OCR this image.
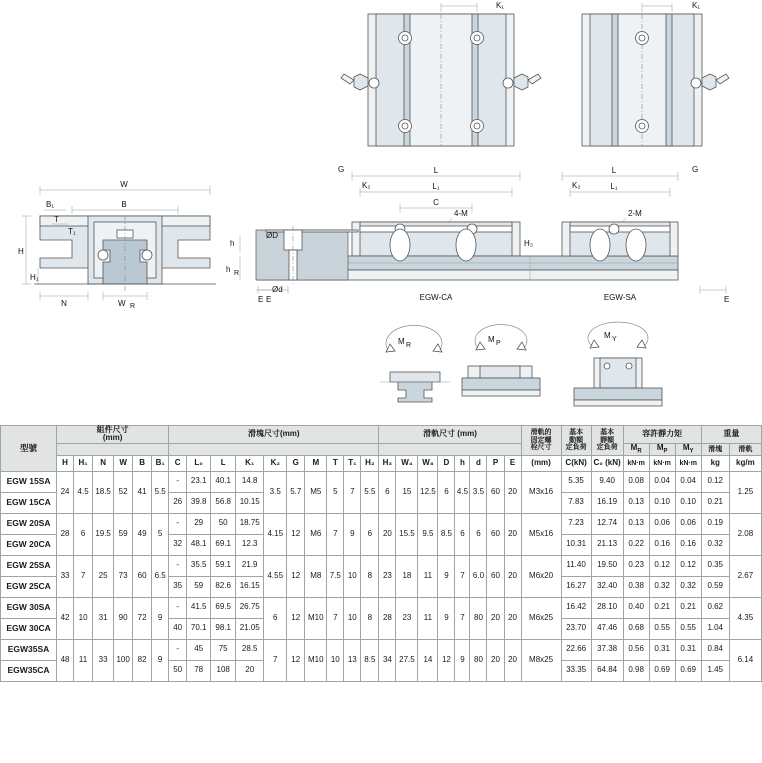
K₁	K₁
W
B
B₁
T
T₁
H
H₁
N	W R
L
L₁
C
G
K₂
4-M
H₃
EGW-CA
E
ØD
Ød
h
h R
E
L
L₁
G
K₂
2-M
EGW-SA	E
M R
M P
M Y
型號	
組件尺寸
(mm)	滑塊尺寸(mm)	滑軌尺寸 (mm)	滑軌的
固定螺
栓尺寸	基本
動額
定負荷	基本
靜額
定負荷	容許靜力矩	重量
																												$M_R$	$M_P$	$M_Y$	滑塊	滑軌
	H	H₁	N	W	B	B₁	C	L₀	L	K₁	K₂	G	M	T	T₁	H₂	H₃	W₄	W₈	D	h	d	P	E	(mm)	C(kN)	C₀ (kN)	kN·m	kN·m	kN·m	kg	kg/m
EGW 15SA	24	4.5	18.5	52	41	5.5	-	23.1	40.1	14.8	3.5	5.7	M5	5	7	5.5	6	15	12.5	6	4.5	3.5	60	20	M3x16	5.35	9.40	0.08	0.04	0.04	0.12	1.25
EGW 15CA							26	39.8	56.8	10.15																7.83	16.19	0.13	0.10	0.10	0.21	
EGW 20SA	28	6	19.5	59	49	5	-	29	50	18.75	4.15	12	M6	7	9	6	20	15.5	9.5	8.5	6	6	60	20	M5x16	7.23	12.74	0.13	0.06	0.06	0.19	2.08
EGW 20CA							32	48.1	69.1	12.3																10.31	21.13	0.22	0.16	0.16	0.32	
EGW 25SA	33	7	25	73	60	6.5	-	35.5	59.1	21.9	4.55	12	M8	7.5	10	8	23	18	11	9	7	6.0	60	20	M6x20	11.40	19.50	0.23	0.12	0.12	0.35	2.67
EGW 25CA							35	59	82.6	16.15																16.27	32.40	0.38	0.32	0.32	0.59	
EGW 30SA	42	10	31	90	72	9	-	41.5	69.5	26.75	6	12	M10	7	10	8	28	23	11	9	7	80	20	20	M6x25	16.42	28.10	0.40	0.21	0.21	0.62	4.35
EGW 30CA							40	70.1	98.1	21.05																23.70	47.46	0.68	0.55	0.55	1.04	
EGW35SA	48	11	33	100	82	9	-	45	75	28.5	7	12	M10	10	13	8.5	34	27.5	14	12	9	80	20	20	M8x25	22.66	37.38	0.56	0.31	0.31	0.84	6.14
EGW35CA							50	78	108	20																33.35	64.84	0.98	0.69	0.69	1.45	
